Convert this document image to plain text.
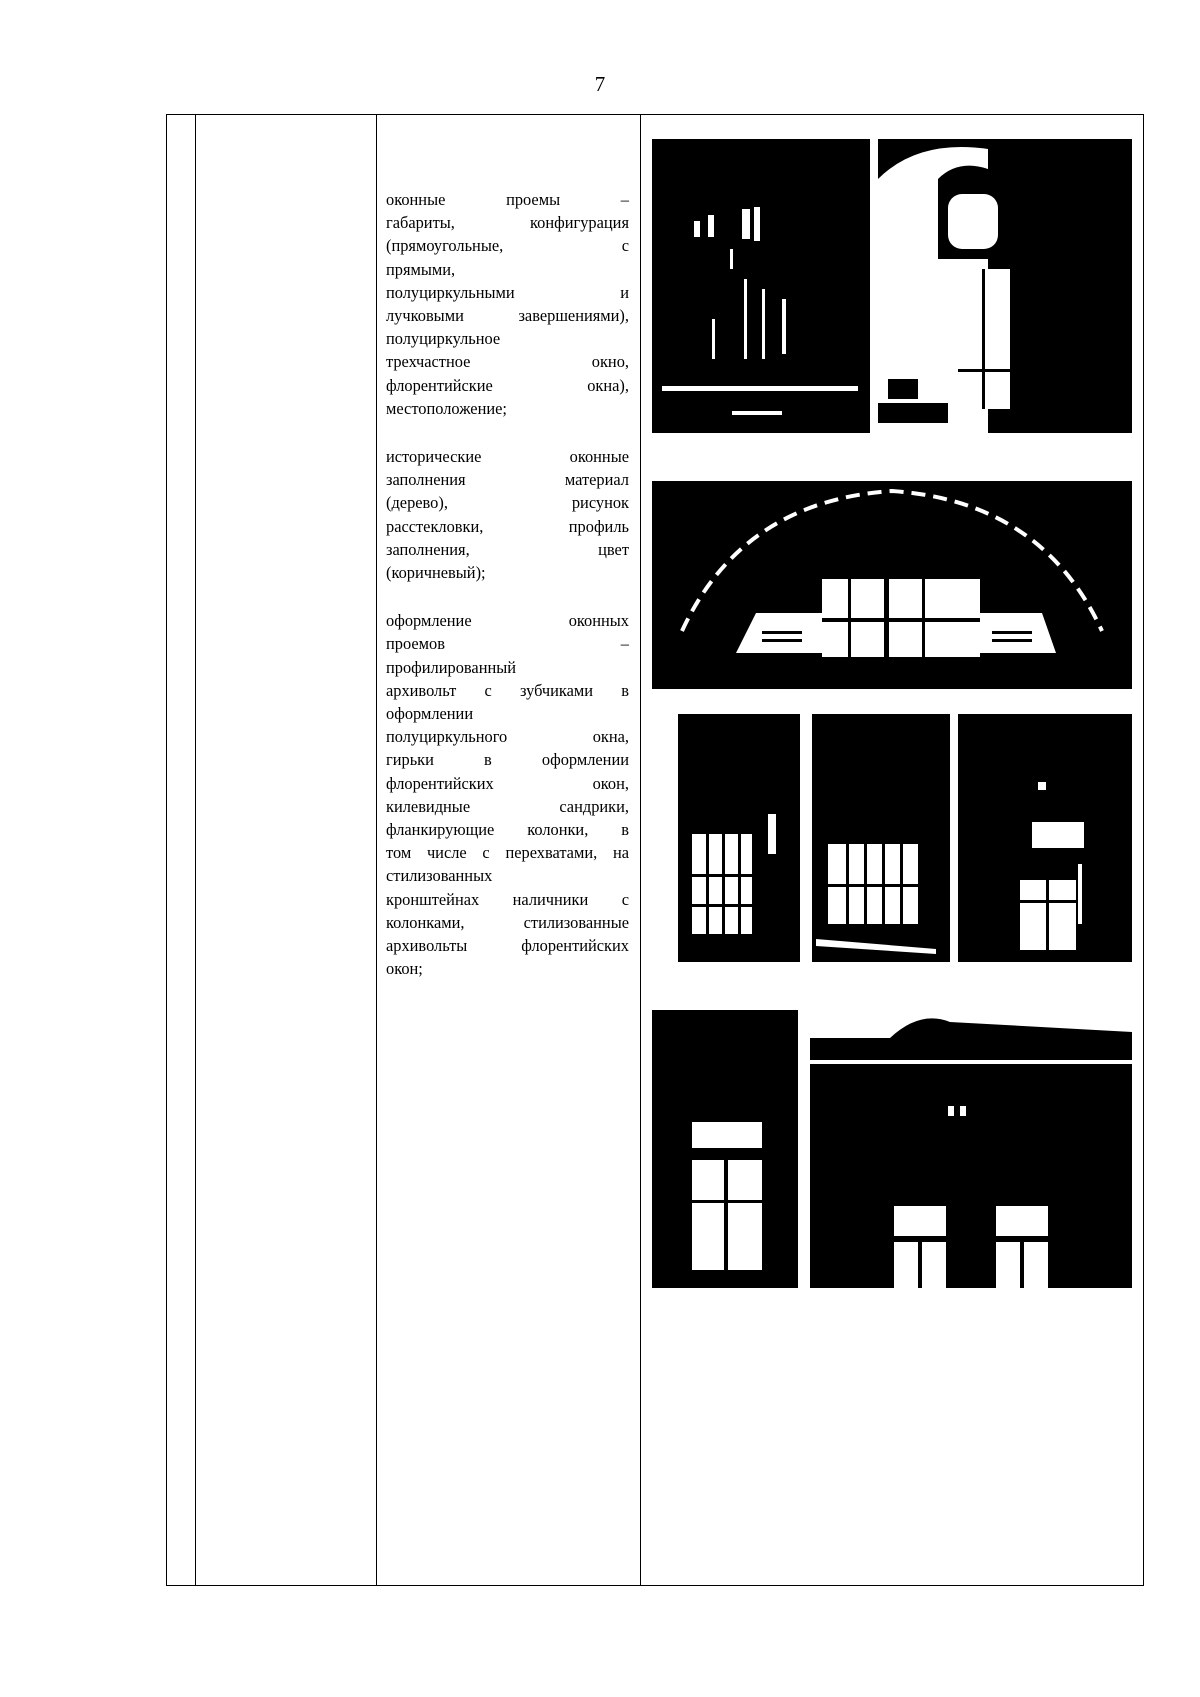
7

оконные проемы –
габариты, конфигурация
(прямоугольные, с
прямыми,
полуциркульными и
лучковыми завершениями),
полуциркульное
трехчастное окно,
флорентийские окна),
местоположение;

исторические оконные
заполнения материал
(дерево), рисунок
расстекловки, профиль
заполнения, цвет
(коричневый);

оформление оконных
проемов –
профилированный
архивольт с зубчиками в
оформлении
полуциркульного окна,
гирьки в оформлении
флорентийских окон,
килевидные сандрики,
фланкирующие колонки, в
том числе с перехватами, на
стилизованных
кронштейнах наличники с
колонками, стилизованные
архивольты флорентийских
окон;
